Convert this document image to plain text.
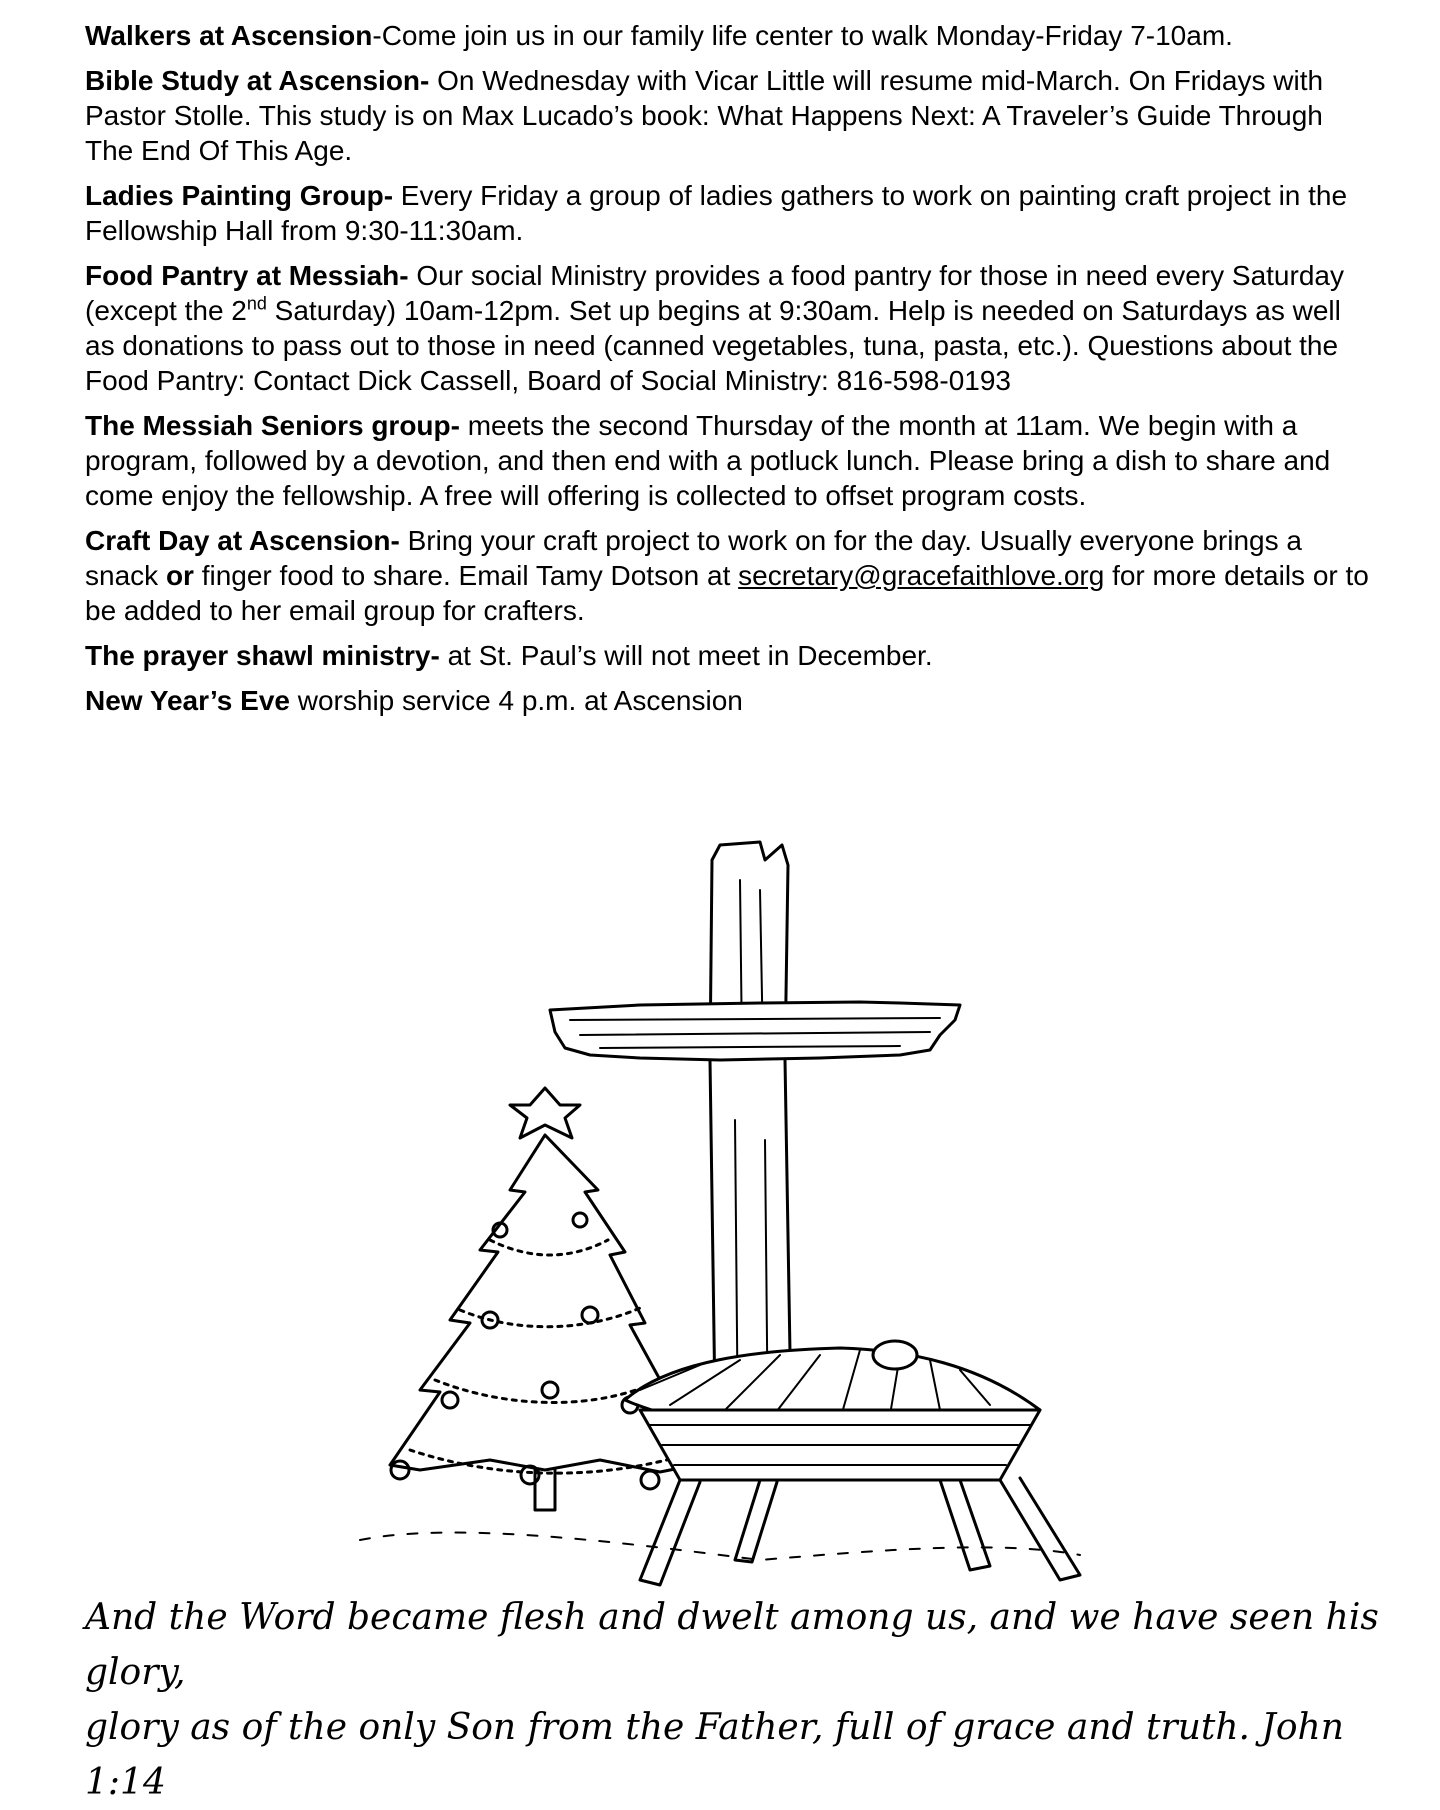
Walkers at Ascension-Come join us in our family life center to walk Monday-Friday 7-10am.

Bible Study at Ascension- On Wednesday with Vicar Little will resume mid-March. On Fridays with Pastor Stolle. This study is on Max Lucado’s book: What Happens Next: A Traveler’s Guide Through The End Of This Age.

Ladies Painting Group- Every Friday a group of ladies gathers to work on painting craft project in the Fellowship Hall from 9:30-11:30am.

Food Pantry at Messiah- Our social Ministry provides a food pantry for those in need every Saturday (except the 2nd Saturday) 10am-12pm. Set up begins at 9:30am. Help is needed on Saturdays as well as donations to pass out to those in need (canned vegetables, tuna, pasta, etc.). Questions about the Food Pantry: Contact Dick Cassell, Board of Social Ministry: 816-598-0193

The Messiah Seniors group- meets the second Thursday of the month at 11am. We begin with a program, followed by a devotion, and then end with a potluck lunch. Please bring a dish to share and come enjoy the fellowship. A free will offering is collected to offset program costs.

Craft Day at Ascension- Bring your craft project to work on for the day. Usually everyone brings a snack or finger food to share. Email Tamy Dotson at secretary@gracefaithlove.org for more details or to be added to her email group for crafters.

The prayer shawl ministry- at St. Paul’s will not meet in December.

New Year’s Eve worship service 4 p.m. at Ascension

And the Word became flesh and dwelt among us, and we have seen his glory,
glory as of the only Son from the Father, full of grace and truth. John 1:14
